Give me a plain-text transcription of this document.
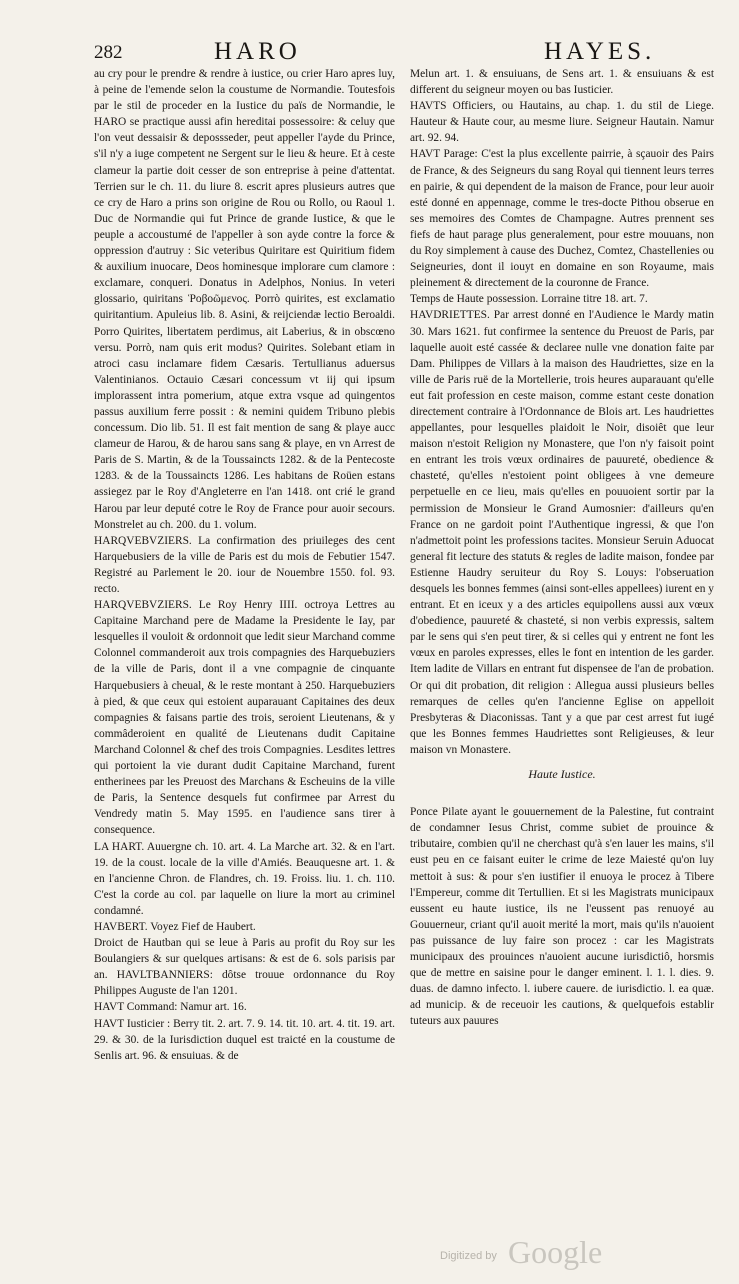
282	HARO	HAYES.

au cry pour le prendre & rendre à iustice, ou crier Haro apres luy, à peine de l'emende selon la coustume de Normandie. Toutesfois par le stil de proceder en la Iustice du païs de Normandie, le HARO se practique aussi afin hereditai possessoire: & celuy que l'on veut dessaisir & depossseder, peut appeller l'ayde du Prince, s'il n'y a iuge competent ne Sergent sur le lieu & heure. Et à ceste clameur la partie doit cesser de son entreprise à peine d'attentat. Terrien sur le ch. 11. du liure 8. escrit apres plusieurs autres que ce cry de Haro a prins son origine de Rou ou Rollo, ou Raoul 1. Duc de Normandie qui fut Prince de grande Iustice, & que le peuple a accoustumé de l'appeller à son ayde contre la force & oppression d'autruy : Sic veteribus Quiritare est Quiritium fidem & auxilium inuocare, Deos hominesque implorare cum clamore : exclamare, conqueri. Donatus in Adelphos, Nonius. In veteri glossario, quiritans Ῥοβοῶμενος. Porrò quirites, est exclamatio quiritantium. Apuleius lib. 8. Asini, & reijciendæ lectio Beroaldi. Porro Quirites, libertatem perdimus, ait Laberius, & in obscœno versu. Porrò, nam quis erit modus? Quirites. Solebant etiam in atroci casu inclamare fidem Cæsaris. Tertullianus aduersus Valentinianos. Octauio Cæsari concessum vt iij qui ipsum implorassent intra pomerium, atque extra vsque ad quingentos passus auxilium ferre possit : & nemini quidem Tribuno plebis concessum. Dio lib. 51. Il est fait mention de sang & playe aucc clameur de Harou, & de harou sans sang & playe, en vn Arrest de Paris de S. Martin, & de la Toussaincts 1282. & de la Pentecoste 1283. & de la Toussaincts 1286. Les habitans de Roüen estans assiegez par le Roy d'Angleterre en l'an 1418. ont crié le grand Harou par leur deputé cotre le Roy de France pour auoir secours. Monstrelet au ch. 200. du 1. volum.

HARQVEBVZIERS. La confirmation des priuileges des cent Harquebusiers de la ville de Paris est du mois de Febutier 1547. Registré au Parlement le 20. iour de Nouembre 1550. fol. 93. recto.

HARQVEBVZIERS. Le Roy Henry IIII. octroya Lettres au Capitaine Marchand pere de Madame la Presidente le Iay, par lesquelles il vouloit & ordonnoit que ledit sieur Marchand comme Colonnel commanderoit aux trois compagnies des Harquebuziers de la ville de Paris, dont il a vne compagnie de cinquante Harquebusiers à cheual, & le reste montant à 250. Harquebuziers à pied, & que ceux qui estoient auparauant Capitaines des deux compagnies & faisans partie des trois, seroient Lieutenans, & y commâderoient en qualité de Lieutenans dudit Capitaine Marchand Colonnel & chef des trois Compagnies. Lesdites lettres qui portoient la vie durant dudit Capitaine Marchand, furent entherinees par les Preuost des Marchans & Escheuins de la ville de Paris, la Sentence desquels fut confirmee par Arrest du Vendredy matin 5. May 1595. en l'audience sans tirer à consequence.

LA HART. Auuergne ch. 10. art. 4. La Marche art. 32. & en l'art. 19. de la coust. locale de la ville d'Amiés. Beauquesne art. 1. & en l'ancienne Chron. de Flandres, ch. 19. Froiss. liu. 1. ch. 110. C'est la corde au col. par laquelle on liure la mort au criminel condamné.

HAVBERT. Voyez Fief de Haubert.

Droict de Hautban qui se leue à Paris au profit du Roy sur les Boulangiers & sur quelques artisans: & est de 6. sols parisis par an. HAVLTBANNIERS: dôtse trouue ordonnance du Roy Philippes Auguste de l'an 1201.

HAVT Command: Namur art. 16.

HAVT Iusticier : Berry tit. 2. art. 7. 9. 14. tit. 10. art. 4. tit. 19. art. 29. & 30. de la Iurisdiction duquel est traicté en la coustume de Senlis art. 96. & ensuiuas. & de

Melun art. 1. & ensuiuans, de Sens art. 1. & ensuiuans & est different du seigneur moyen ou bas Iusticier.

HAVTS Officiers, ou Hautains, au chap. 1. du stil de Liege. Hauteur & Haute cour, au mesme liure. Seigneur Hautain. Namur art. 92. 94.

HAVT Parage: C'est la plus excellente pairrie, à sçauoir des Pairs de France, & des Seigneurs du sang Royal qui tiennent leurs terres en pairie, & qui dependent de la maison de France, pour leur auoir esté donné en appennage, comme le tres-docte Pithou obserue en ses memoires des Comtes de Champagne. Autres prennent ses fiefs de haut parage plus generalement, pour estre mouuans, non du Roy simplement à cause des Duchez, Comtez, Chastellenies ou Seigneuries, dont il iouyt en domaine en son Royaume, mais pleinement & directement de la couronne de France.

Temps de Haute possession. Lorraine titre 18. art. 7.

HAVDRIETTES. Par arrest donné en l'Audience le Mardy matin 30. Mars 1621. fut confirmee la sentence du Preuost de Paris, par laquelle auoit esté cassée & declaree nulle vne donation faite par Dam. Philippes de Villars à la maison des Haudriettes, size en la ville de Paris ruë de la Mortellerie, trois heures auparauant qu'elle eut fait profession en ceste maison, comme estant ceste donation directement contraire à l'Ordonnance de Blois art. Les haudriettes appellantes, pour lesquelles plaidoit le Noir, disoiêt que leur maison n'estoit Religion ny Monastere, que l'on n'y faisoit point en entrant les trois vœux ordinaires de pauureté, obedience & chasteté, qu'elles n'estoient point obligees à vne demeure perpetuelle en ce lieu, mais qu'elles en pouuoient sortir par la permission de Monsieur le Grand Aumosnier: d'ailleurs qu'en France on ne gardoit point l'Authentique ingressi, & que l'on n'admettoit point les professions tacites. Monsieur Seruin Aduocat general fit lecture des statuts & regles de ladite maison, fondee par Estienne Haudry seruiteur du Roy S. Louys: l'obseruation desquels les bonnes femmes (ainsi sont-elles appellees) iurent en y entrant. Et en iceux y a des articles equipollens aussi aux vœux d'obedience, pauureté & chasteté, si non verbis expressis, saltem par le sens qui s'en peut tirer, & si celles qui y entrent ne font les vœux en paroles expresses, elles le font en intention de les garder. Item ladite de Villars en entrant fut dispensee de l'an de probation. Or qui dit probation, dit religion : Allegua aussi plusieurs belles remarques de celles qu'en l'ancienne Eglise on appelloit Presbyteras & Diaconissas. Tant y a que par cest arrest fut iugé que les Bonnes femmes Haudriettes sont Religieuses, & leur maison vn Monastere.

Haute Iustice.

Ponce Pilate ayant le gouuernement de la Palestine, fut contraint de condamner Iesus Christ, comme subiet de prouince & tributaire, combien qu'il ne cherchast qu'à s'en lauer les mains, s'il eust peu en ce faisant euiter le crime de leze Maiesté qu'on luy mettoit à sus: & pour s'en iustifier il enuoya le procez à Tibere l'Empereur, comme dit Tertullien. Et si les Magistrats municipaux eussent eu haute iustice, ils ne l'eussent pas renuoyé au Gouuerneur, criant qu'il auoit merité la mort, mais qu'ils n'auoient pas puissance de luy faire son procez : car les Magistrats municipaux des prouinces n'auoient aucune iurisdictiô, horsmis que de mettre en saisine pour le danger eminent. l. 1. l. dies. 9. duas. de damno infecto. l. iubere cauere. de iurisdictio. l. ea quæ. ad municip. & de receuoir les cautions, & quelquefois establir tuteurs aux pauures

Digitized by Google
